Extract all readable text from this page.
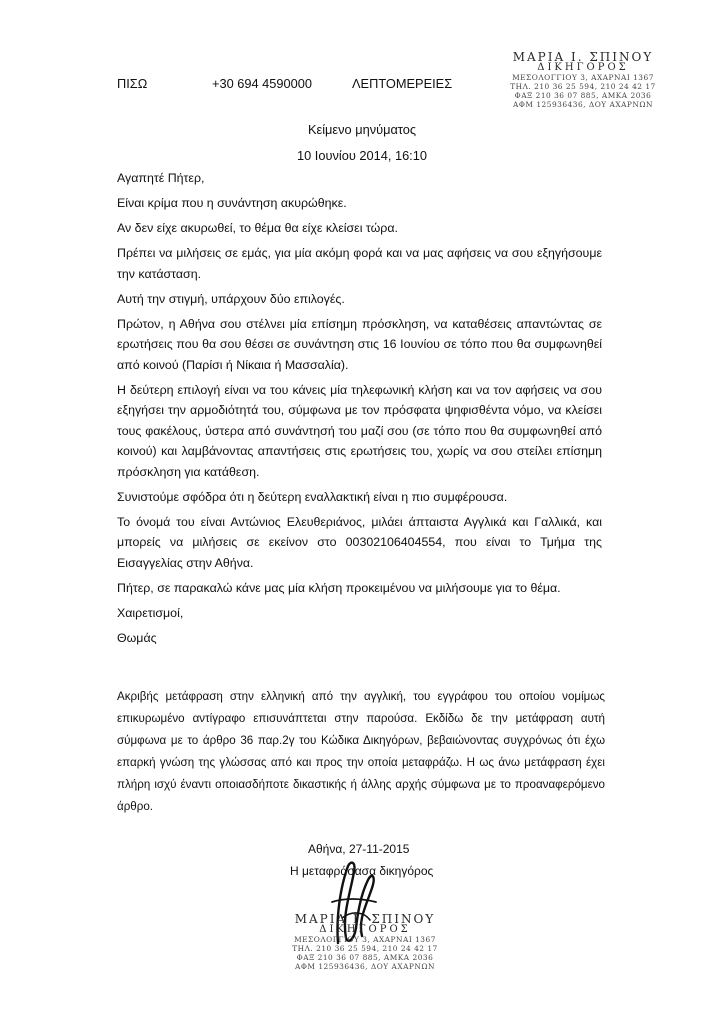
ΠΙΣΩ	+30 694 4590000	ΛΕΠΤΟΜΕΡΕΙΕΣ
ΜΑΡΙΑ Ι. ΣΠΙΝΟΥ
ΔΙΚΗΓΟΡΟΣ
ΜΕΣΟΛΟΓΓΙΟΥ 3, ΑΧΑΡΝΑΙ 1367
ΤΗΛ. 210 36 25 594, 210 24 42 17
ΦΑΞ 210 36 07 885, ΑΜΚΑ 2036
ΑΦΜ 125936436, ΔΟΥ ΑΧΑΡΝΩΝ
Κείμενο μηνύματος
10 Ιουνίου 2014, 16:10

Αγαπητέ Πήτερ,

Είναι κρίμα που η συνάντηση ακυρώθηκε.

Αν δεν είχε ακυρωθεί, το θέμα θα είχε κλείσει τώρα.

Πρέπει να μιλήσεις σε εμάς, για μία ακόμη φορά και να μας αφήσεις να σου εξηγήσουμε την κατάσταση.

Αυτή την στιγμή, υπάρχουν δύο επιλογές.

Πρώτον, η Αθήνα σου στέλνει μία επίσημη πρόσκληση, να καταθέσεις απαντώντας σε ερωτήσεις που θα σου θέσει σε συνάντηση στις 16 Ιουνίου σε τόπο που θα συμφωνηθεί από κοινού (Παρίσι ή Νίκαια ή Μασσαλία).

Η δεύτερη επιλογή είναι να του κάνεις μία τηλεφωνική κλήση και να τον αφήσεις να σου εξηγήσει την αρμοδιότητά του, σύμφωνα με τον πρόσφατα ψηφισθέντα νόμο, να κλείσει τους φακέλους, ύστερα από συνάντησή του μαζί σου (σε τόπο που θα συμφωνηθεί από κοινού) και λαμβάνοντας απαντήσεις στις ερωτήσεις του, χωρίς να σου στείλει επίσημη πρόσκληση για κατάθεση.

Συνιστούμε σφόδρα ότι η δεύτερη εναλλακτική είναι η πιο συμφέρουσα.

Το όνομά του είναι Αντώνιος Ελευθεριάνος, μιλάει άπταιστα Αγγλικά και Γαλλικά, και μπορείς να μιλήσεις σε εκείνον στο 00302106404554, που είναι το Τμήμα της Εισαγγελίας στην Αθήνα.

Πήτερ, σε παρακαλώ κάνε μας μία κλήση προκειμένου να μιλήσουμε για το θέμα.

Χαιρετισμοί,

Θωμάς

Ακριβής μετάφραση στην ελληνική από την αγγλική, του εγγράφου του οποίου νομίμως επικυρωμένο αντίγραφο επισυνάπτεται στην παρούσα. Εκδίδω δε την μετάφραση αυτή σύμφωνα με το άρθρο 36 παρ.2γ του Κώδικα Δικηγόρων, βεβαιώνοντας συγχρόνως ότι έχω επαρκή γνώση της γλώσσας από και προς την οποία μεταφράζω. Η ως άνω μετάφραση έχει πλήρη ισχύ έναντι οποιασδήποτε δικαστικής ή άλλης αρχής σύμφωνα με το προαναφερόμενο άρθρο.
Αθήνα, 27-11-2015
Η μεταφράσασα δικηγόρος
ΜΑΡΙΑ Ι. ΣΠΙΝΟΥ
ΔΙΚΗΓΟΡΟΣ
ΜΕΣΟΛΟΓΓΙΟΥ 3, ΑΧΑΡΝΑΙ 1367
ΤΗΛ. 210 36 25 594, 210 24 42 17
ΦΑΞ 210 36 07 885, ΑΜΚΑ 2036
ΑΦΜ 125936436, ΔΟΥ ΑΧΑΡΝΩΝ
